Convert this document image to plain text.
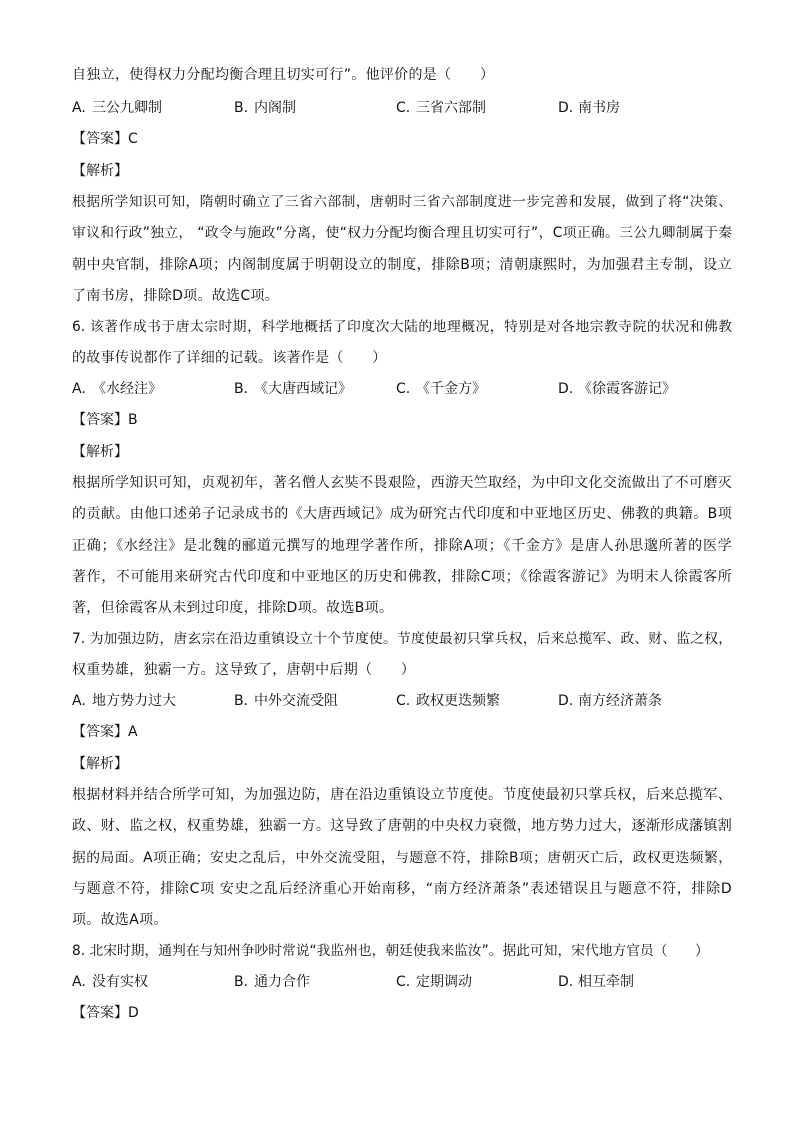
自独立，使得权力分配均衡合理且切实可行”。他评价的是（　　）
A. 三公九卿制	B. 内阁制	C. 三省六部制	D. 南书房
【答案】C
【解析】
根据所学知识可知，隋朝时确立了三省六部制，唐朝时三省六部制度进一步完善和发展，做到了将“决策、
审议和行政”独立， “政令与施政”分离，使“权力分配均衡合理且切实可行”，C项正确。三公九卿制属于秦
朝中央官制，排除A项；内阁制度属于明朝设立的制度，排除B项；清朝康熙时，为加强君主专制，设立
了南书房，排除D项。故选C项。
6. 该著作成书于唐太宗时期，科学地概括了印度次大陆的地理概况，特别是对各地宗教寺院的状况和佛教
的故事传说都作了详细的记载。该著作是（　　）
A. 《水经注》	B. 《大唐西域记》	C. 《千金方》	D. 《徐霞客游记》
【答案】B
【解析】
根据所学知识可知，贞观初年，著名僧人玄奘不畏艰险，西游天竺取经，为中印文化交流做出了不可磨灭
的贡献。由他口述弟子记录成书的《大唐西域记》成为研究古代印度和中亚地区历史、佛教的典籍。B项
正确；《水经注》是北魏的郦道元撰写的地理学著作所，排除A项；《千金方》是唐人孙思邈所著的医学
著作，不可能用来研究古代印度和中亚地区的历史和佛教，排除C项；《徐霞客游记》为明末人徐霞客所
著，但徐霞客从未到过印度，排除D项。故选B项。
7. 为加强边防，唐玄宗在沿边重镇设立十个节度使。节度使最初只掌兵权，后来总揽军、政、财、监之权，
权重势雄，独霸一方。这导致了，唐朝中后期（　　）
A. 地方势力过大	B. 中外交流受阻	C. 政权更迭频繁	D. 南方经济萧条
【答案】A
【解析】
根据材料并结合所学可知，为加强边防，唐在沿边重镇设立节度使。节度使最初只掌兵权，后来总揽军、
政、财、监之权，权重势雄，独霸一方。这导致了唐朝的中央权力衰微，地方势力过大，逐渐形成藩镇割
据的局面。A项正确；安史之乱后，中外交流受阻，与题意不符，排除B项；唐朝灭亡后，政权更迭频繁，
与题意不符，排除C项 安史之乱后经济重心开始南移，“南方经济萧条”表述错误且与题意不符，排除D
项。故选A项。
8. 北宋时期，通判在与知州争吵时常说“我监州也，朝廷使我来监汝”。据此可知，宋代地方官员（　　）
A. 没有实权	B. 通力合作	C. 定期调动	D. 相互牵制
【答案】D
